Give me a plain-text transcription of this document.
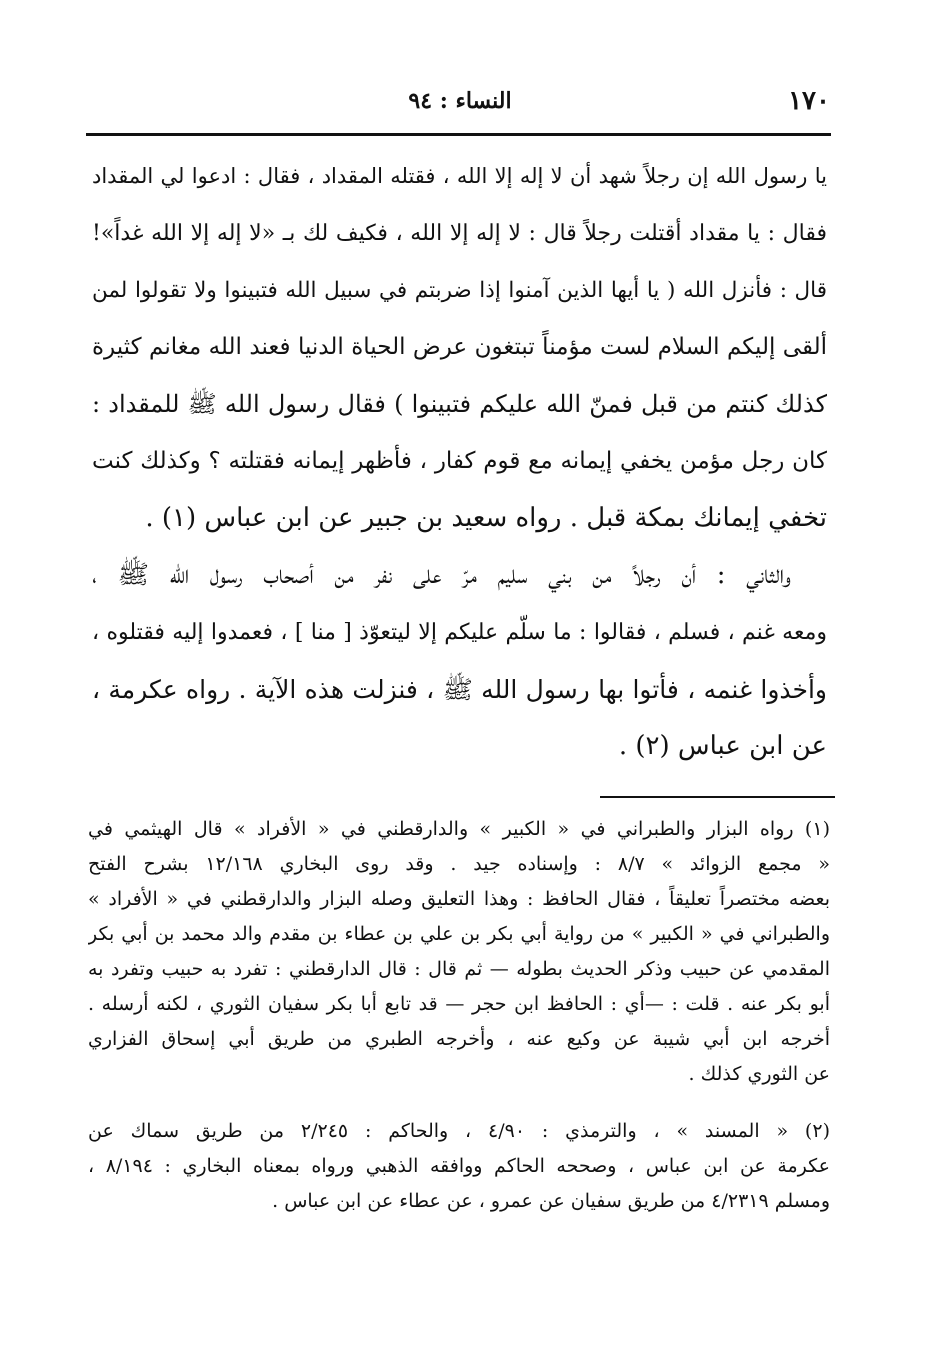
١٧٠
النساء : ٩٤
يا رسول الله إن رجلاً شهد أن لا إله إلا الله ، فقتله المقداد ، فقال : ادعوا لي المقداد
فقال : يا مقداد أقتلت رجلاً قال : لا إله إلا الله ، فكيف لك بـ «لا إله إلا الله غداً»!
قال : فأنزل الله ( يا أيها الذين آمنوا إذا ضربتم في سبيل الله فتبينوا ولا تقولوا لمن
ألقى إليكم السلام لست مؤمناً تبتغون عرض الحياة الدنيا فعند الله مغانم كثيرة
كذلك كنتم من قبل فمنّ الله عليكم فتبينوا ) فقال رسول الله ﷺ للمقداد :
كان رجل مؤمن يخفي إيمانه مع قوم كفار ، فأظهر إيمانه فقتلته ؟ وكذلك كنت
تخفي إيمانك بمكة قبل . رواه سعيد بن جبير عن ابن عباس (١) .
والثاني : أن رجلاً من بني سليم مرّ على نفر من أصحاب رسول الله ﷺ ،
ومعه غنم ، فسلم ، فقالوا : ما سلّم عليكم إلا ليتعوّذ [ منا ] ، فعمدوا إليه فقتلوه ،
وأخذوا غنمه ، فأتوا بها رسول الله ﷺ ، فنزلت هذه الآية . رواه عكرمة ،
عن ابن عباس (٢) .
(١) رواه البزار والطبراني في « الكبير » والدارقطني في « الأفراد » قال الهيثمي في
« مجمع الزوائد » ٨/٧ : وإسناده جيد . وقد روى البخاري ١٢/١٦٨ بشرح الفتح
بعضه مختصراً تعليقاً ، فقال الحافظ : وهذا التعليق وصله البزار والدارقطني في « الأفراد »
والطبراني في « الكبير » من رواية أبي بكر بن علي بن عطاء بن مقدم والد محمد بن أبي بكر
المقدمي عن حبيب وذكر الحديث بطوله — ثم قال : قال الدارقطني : تفرد به حبيب وتفرد به
أبو بكر عنه . قلت : —أي : الحافظ ابن حجر — قد تابع أبا بكر سفيان الثوري ، لكنه أرسله .
أخرجه ابن أبي شيبة عن وكيع عنه ، وأخرجه الطبري من طريق أبي إسحاق الفزاري
عن الثوري كذلك .
(٢) « المسند » ، والترمذي : ٤/٩٠ ، والحاكم : ٢/٢٤٥ من طريق سماك عن
عكرمة عن ابن عباس ، وصححه الحاكم ووافقه الذهبي ورواه بمعناه البخاري : ٨/١٩٤ ،
ومسلم ٤/٢٣١٩ من طريق سفيان عن عمرو ، عن عطاء عن ابن عباس .
